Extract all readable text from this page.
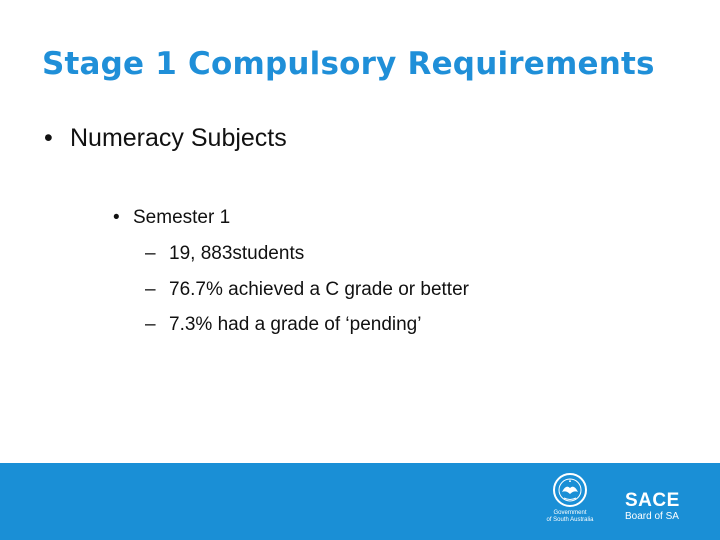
Stage 1 Compulsory Requirements
• Numeracy Subjects
• Semester 1
– 19, 883students
– 76.7% achieved a C grade or better
– 7.3% had a grade of ‘pending’
Government
of South Australia
SACE
Board of SA
